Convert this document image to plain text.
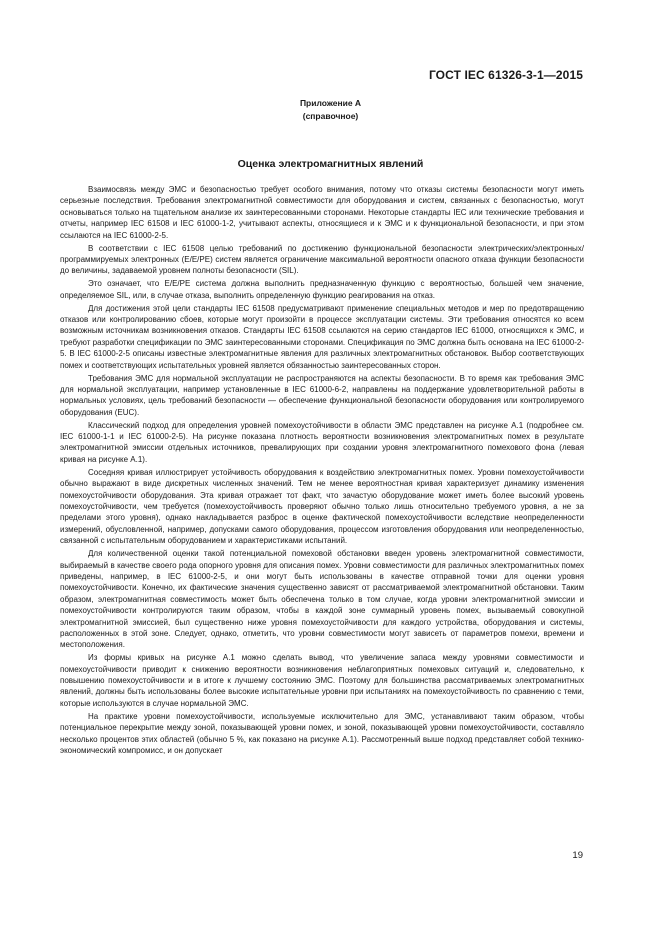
ГОСТ IEC 61326-3-1—2015
Приложение А
(справочное)
Оценка электромагнитных явлений

Взаимосвязь между ЭМС и безопасностью требует особого внимания, потому что отказы системы безопасности могут иметь серьезные последствия. Требования электромагнитной совместимости для оборудования и систем, связанных с безопасностью, могут основываться только на тщательном анализе их заинтересованными сторонами. Некоторые стандарты IEC или технические требования и отчеты, например IEC 61508 и IEC 61000-1-2, учитывают аспекты, относящиеся и к ЭМС и к функциональной безопасности, и при этом ссылаются на IEC 61000-2-5.

В соответствии с IEC 61508 целью требований по достижению функциональной безопасности электрических/электронных/программируемых электронных (E/E/PE) систем является ограничение максимальной вероятности опасного отказа функции безопасности до величины, задаваемой уровнем полноты безопасности (SIL).

Это означает, что E/E/PE система должна выполнить предназначенную функцию с вероятностью, большей чем значение, определяемое SIL, или, в случае отказа, выполнить определенную функцию реагирования на отказ.

Для достижения этой цели стандарты IEC 61508 предусматривают применение специальных методов и мер по предотвращению отказов или контролированию сбоев, которые могут произойти в процессе эксплуатации системы. Эти требования относятся ко всем возможным источникам возникновения отказов. Стандарты IEC 61508 ссылаются на серию стандартов IEC 61000, относящихся к ЭМС, и требуют разработки спецификации по ЭМС заинтересованными сторонами. Спецификация по ЭМС должна быть основана на IEC 61000-2-5. В IEC 61000-2-5 описаны известные электромагнитные явления для различных электромагнитных обстановок. Выбор соответствующих помех и соответствующих испытательных уровней является обязанностью заинтересованных сторон.

Требования ЭМС для нормальной эксплуатации не распространяются на аспекты безопасности. В то время как требования ЭМС для нормальной эксплуатации, например установленные в IEC 61000-6-2, направлены на поддержание удовлетворительной работы в нормальных условиях, цель требований безопасности — обеспечение функциональной безопасности оборудования или контролируемого оборудования (EUC).

Классический подход для определения уровней помехоустойчивости в области ЭМС представлен на рисунке А.1 (подробнее см. IEC 61000-1-1 и IEC 61000-2-5). На рисунке показана плотность вероятности возникновения электромагнитных помех в результате электромагнитной эмиссии отдельных источников, превалирующих при создании уровня электромагнитного помехового фона (левая кривая на рисунке А.1).

Соседняя кривая иллюстрирует устойчивость оборудования к воздействию электромагнитных помех. Уровни помехоустойчивости обычно выражают в виде дискретных численных значений. Тем не менее вероятностная кривая характеризует динамику изменения помехоустойчивости оборудования. Эта кривая отражает тот факт, что зачастую оборудование может иметь более высокий уровень помехоустойчивости, чем требуется (помехоустойчивость проверяют обычно только лишь относительно требуемого уровня, а не за пределами этого уровня), однако накладывается разброс в оценке фактической помехоустойчивости вследствие неопределенности измерений, обусловленной, например, допусками самого оборудования, процессом изготовления оборудования или неопределенностью, связанной с испытательным оборудованием и характеристиками испытаний.

Для количественной оценки такой потенциальной помеховой обстановки введен уровень электромагнитной совместимости, выбираемый в качестве своего рода опорного уровня для описания помех. Уровни совместимости для различных электромагнитных помех приведены, например, в IEC 61000-2-5, и они могут быть использованы в качестве отправной точки для оценки уровня помехоустойчивости. Конечно, их фактические значения существенно зависят от рассматриваемой электромагнитной обстановки. Таким образом, электромагнитная совместимость может быть обеспечена только в том случае, когда уровни электромагнитной эмиссии и помехоустойчивости контролируются таким образом, чтобы в каждой зоне суммарный уровень помех, вызываемый совокупной электромагнитной эмиссией, был существенно ниже уровня помехоустойчивости для каждого устройства, оборудования и системы, расположенных в этой зоне. Следует, однако, отметить, что уровни совместимости могут зависеть от параметров помехи, времени и местоположения.

Из формы кривых на рисунке А.1 можно сделать вывод, что увеличение запаса между уровнями совместимости и помехоустойчивости приводит к снижению вероятности возникновения неблагоприятных помеховых ситуаций и, следовательно, к повышению помехоустойчивости и в итоге к лучшему состоянию ЭМС. Поэтому для большинства рассматриваемых электромагнитных явлений, должны быть использованы более высокие испытательные уровни при испытаниях на помехоустойчивость по сравнению с теми, которые используются в случае нормальной ЭМС.

На практике уровни помехоустойчивости, используемые исключительно для ЭМС, устанавливают таким образом, чтобы потенциальное перекрытие между зоной, показывающей уровни помех, и зоной, показывающей уровни помехоустойчивости, составляло несколько процентов этих областей (обычно 5 %, как показано на рисунке А.1). Рассмотренный выше подход представляет собой технико-экономический компромисс, и он допускает

19
